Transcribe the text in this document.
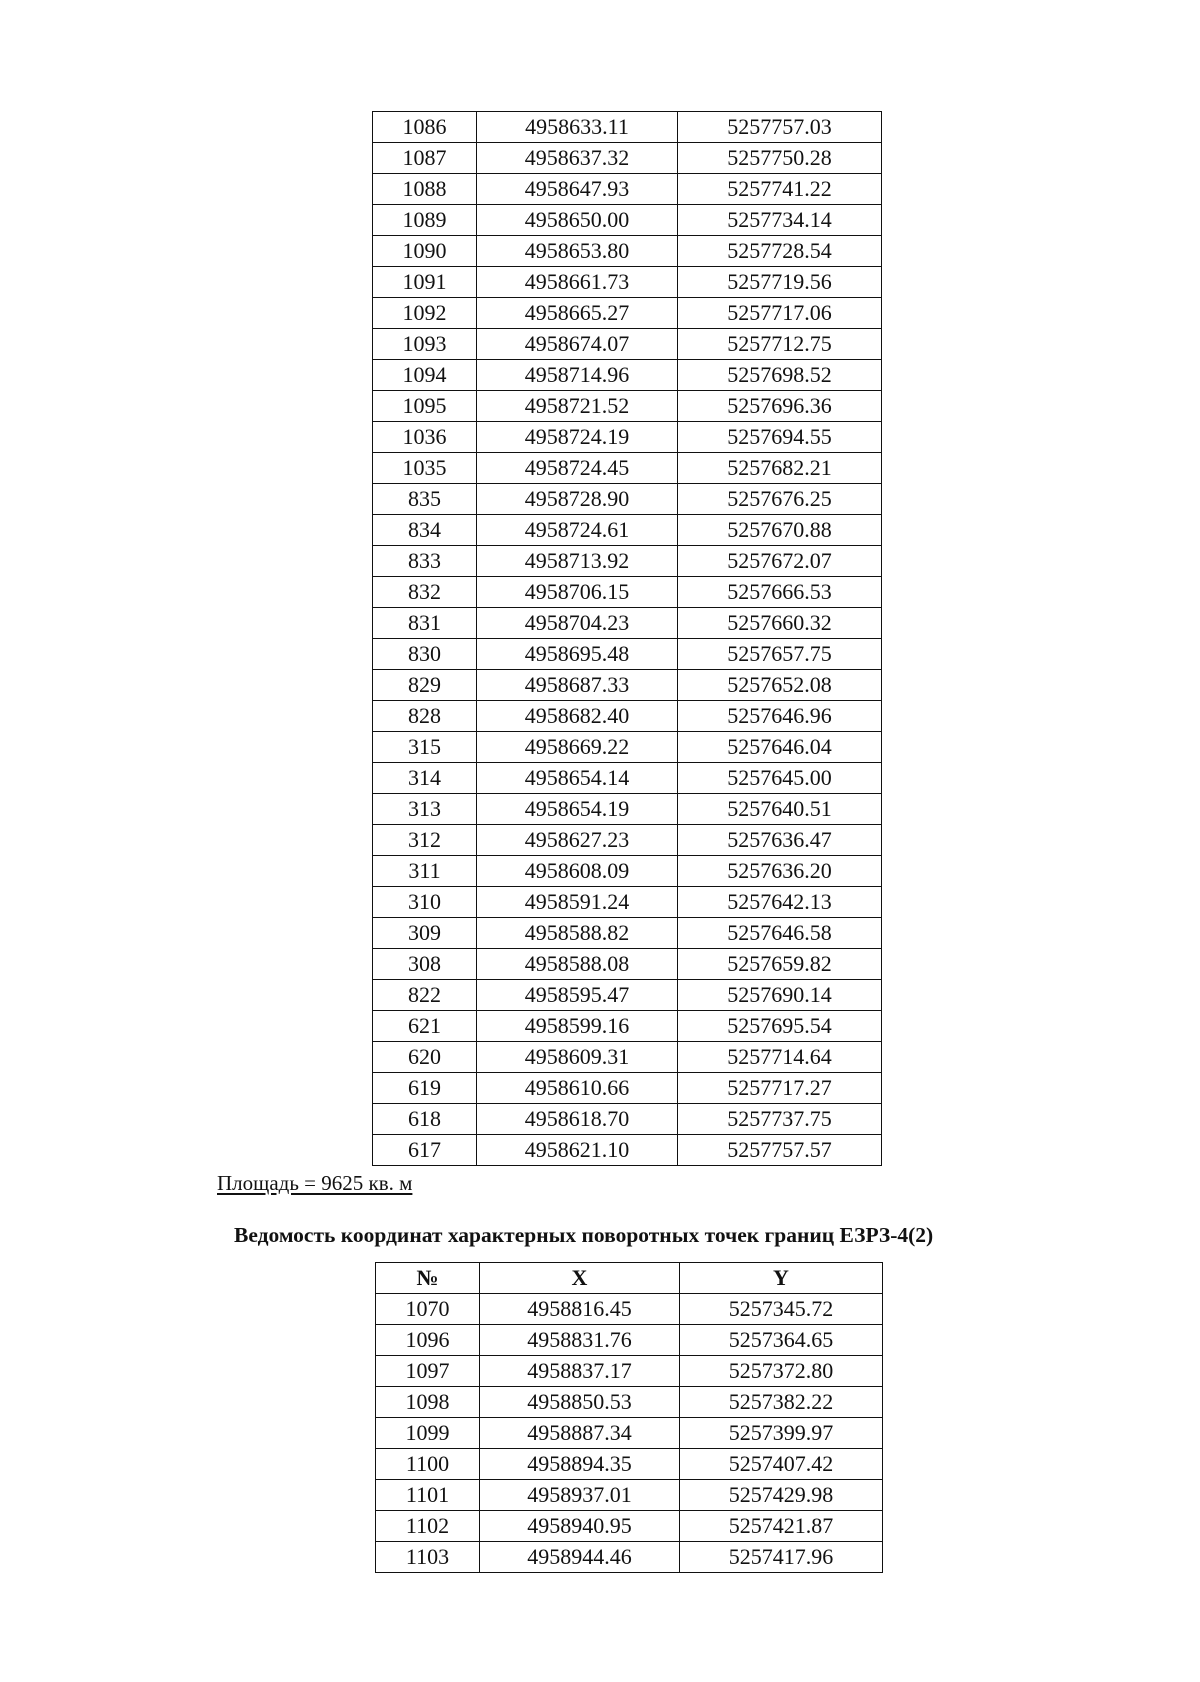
1086	4958633.11	5257757.03
1087	4958637.32	5257750.28
1088	4958647.93	5257741.22
1089	4958650.00	5257734.14
1090	4958653.80	5257728.54
1091	4958661.73	5257719.56
1092	4958665.27	5257717.06
1093	4958674.07	5257712.75
1094	4958714.96	5257698.52
1095	4958721.52	5257696.36
1036	4958724.19	5257694.55
1035	4958724.45	5257682.21
835	4958728.90	5257676.25
834	4958724.61	5257670.88
833	4958713.92	5257672.07
832	4958706.15	5257666.53
831	4958704.23	5257660.32
830	4958695.48	5257657.75
829	4958687.33	5257652.08
828	4958682.40	5257646.96
315	4958669.22	5257646.04
314	4958654.14	5257645.00
313	4958654.19	5257640.51
312	4958627.23	5257636.47
311	4958608.09	5257636.20
310	4958591.24	5257642.13
309	4958588.82	5257646.58
308	4958588.08	5257659.82
822	4958595.47	5257690.14
621	4958599.16	5257695.54
620	4958609.31	5257714.64
619	4958610.66	5257717.27
618	4958618.70	5257737.75
617	4958621.10	5257757.57
Площадь = 9625 кв. м
Ведомость координат характерных поворотных точек границ ЕЗРЗ-4(2)
№	X	Y
1070	4958816.45	5257345.72
1096	4958831.76	5257364.65
1097	4958837.17	5257372.80
1098	4958850.53	5257382.22
1099	4958887.34	5257399.97
1100	4958894.35	5257407.42
1101	4958937.01	5257429.98
1102	4958940.95	5257421.87
1103	4958944.46	5257417.96
